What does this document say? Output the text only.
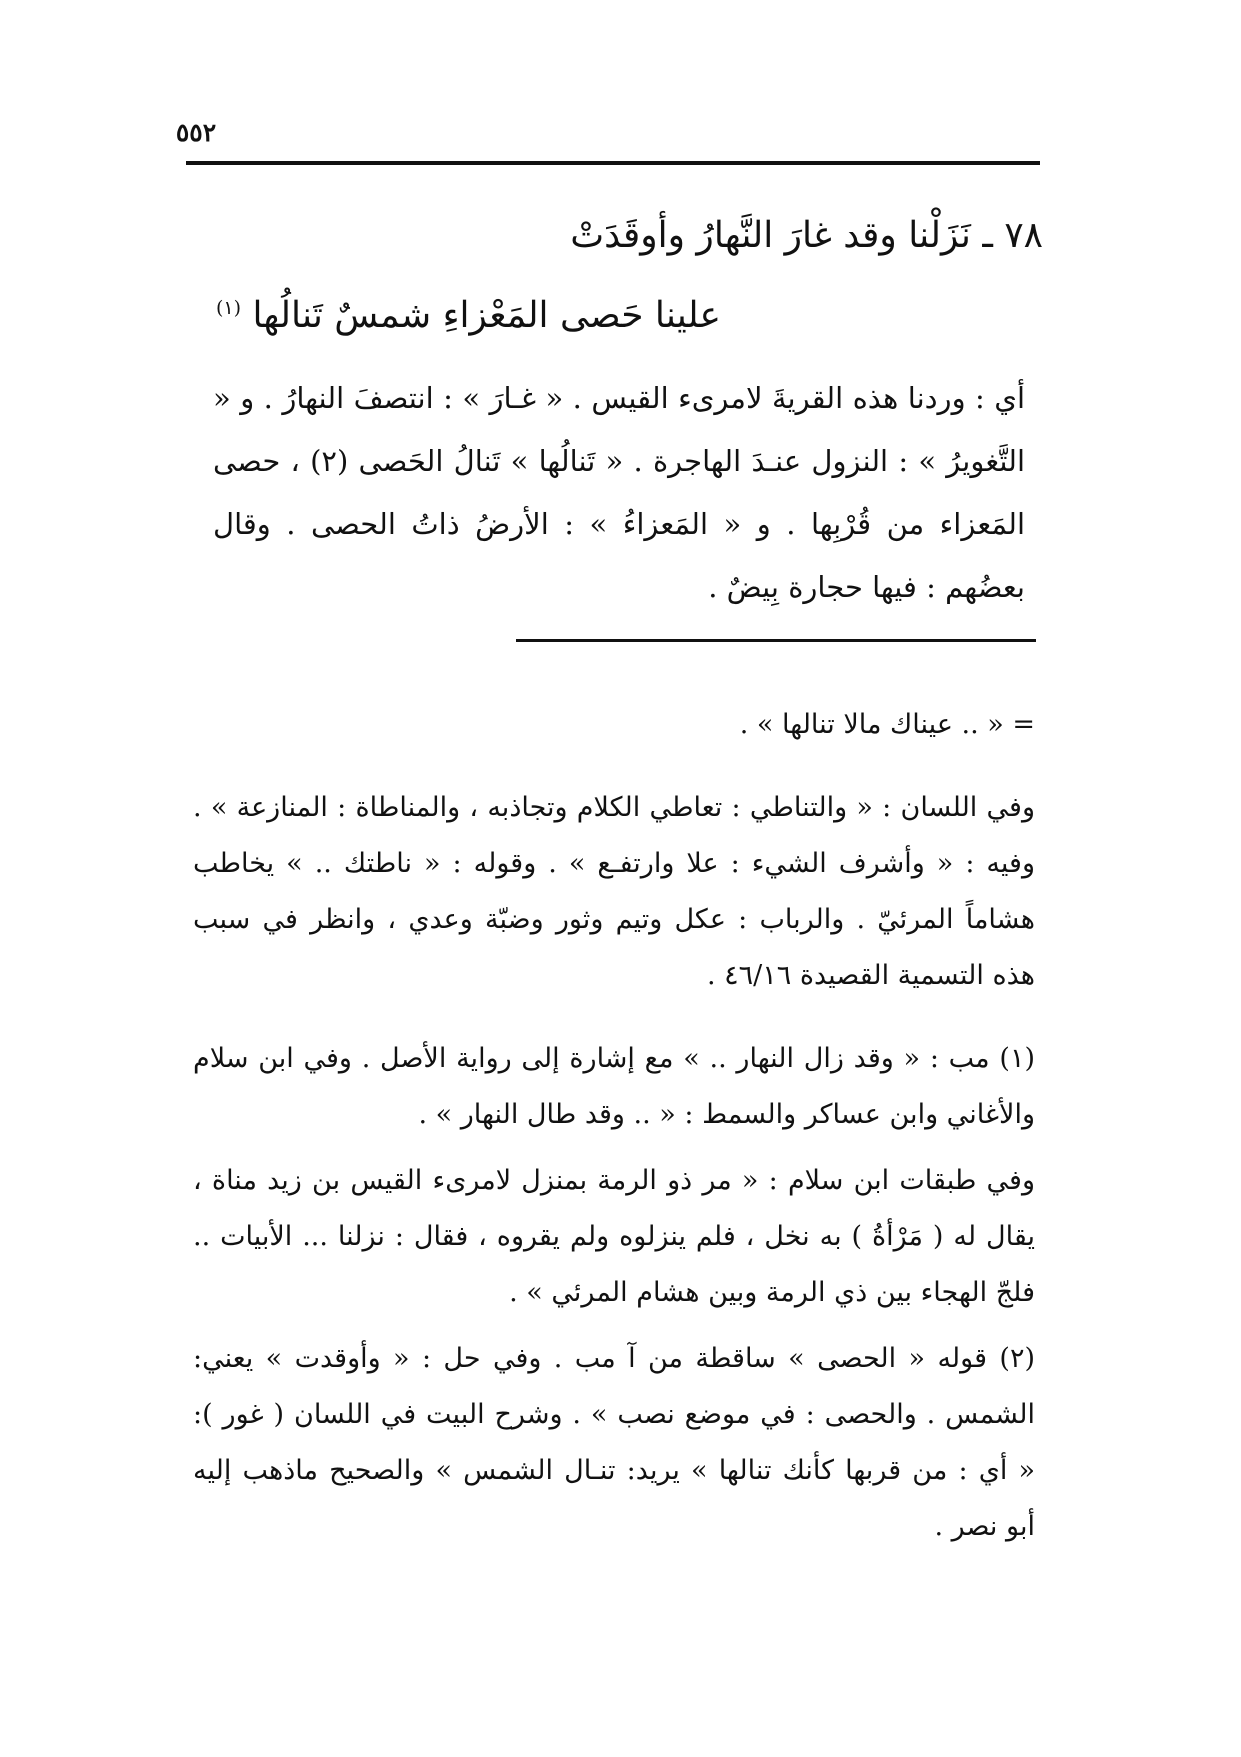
٥٥٢
٧٨ ـ نَزَلْنا وقد غارَ النَّهارُ وأوقَدَتْ
علينا حَصى المَعْزاءِ شمسٌ تَنالُها $^{(١)}$

أي : وردنا هذه القريةَ لامرىء القيس . « غـارَ » : انتصفَ النهارُ . و « التَّغويرُ » : النزول عنـدَ الهاجرة . « تَنالُها » تَنالُ الحَصى (٢) ، حصى المَعزاء من قُرْبِها . و « المَعزاءُ » : الأرضُ ذاتُ الحصى . وقال بعضُهم : فيها حجارة بِيضٌ .

= « .. عيناك مالا تنالها » .

وفي اللسان : « والتناطي : تعاطي الكلام وتجاذبه ، والمناطاة : المنازعة » . وفيه : « وأشرف الشيء : علا وارتفـع » . وقوله : « ناطتك .. » يخاطب هشاماً المرئيّ . والرباب : عكل وتيم وثور وضبّة وعدي ، وانظر في سبب هذه التسمية القصيدة ٤٦/١٦ .

(١) مب : « وقد زال النهار .. » مع إشارة إلى رواية الأصل . وفي ابن سلام والأغاني وابن عساكر والسمط : « .. وقد طال النهار » .

وفي طبقات ابن سلام : « مر ذو الرمة بمنزل لامرىء القيس بن زيد مناة ، يقال له ( مَرْأةُ ) به نخل ، فلم ينزلوه ولم يقروه ، فقال : نزلنا ... الأبيات .. فلجّ الهجاء بين ذي الرمة وبين هشام المرئي » .

(٢) قوله « الحصى » ساقطة من آ مب . وفي حل : « وأوقدت » يعني: الشمس . والحصى : في موضع نصب » . وشرح البيت في اللسان ( غور ): « أي : من قربها كأنك تنالها » يريد: تنـال الشمس » والصحيح ماذهب إليه أبو نصر .
